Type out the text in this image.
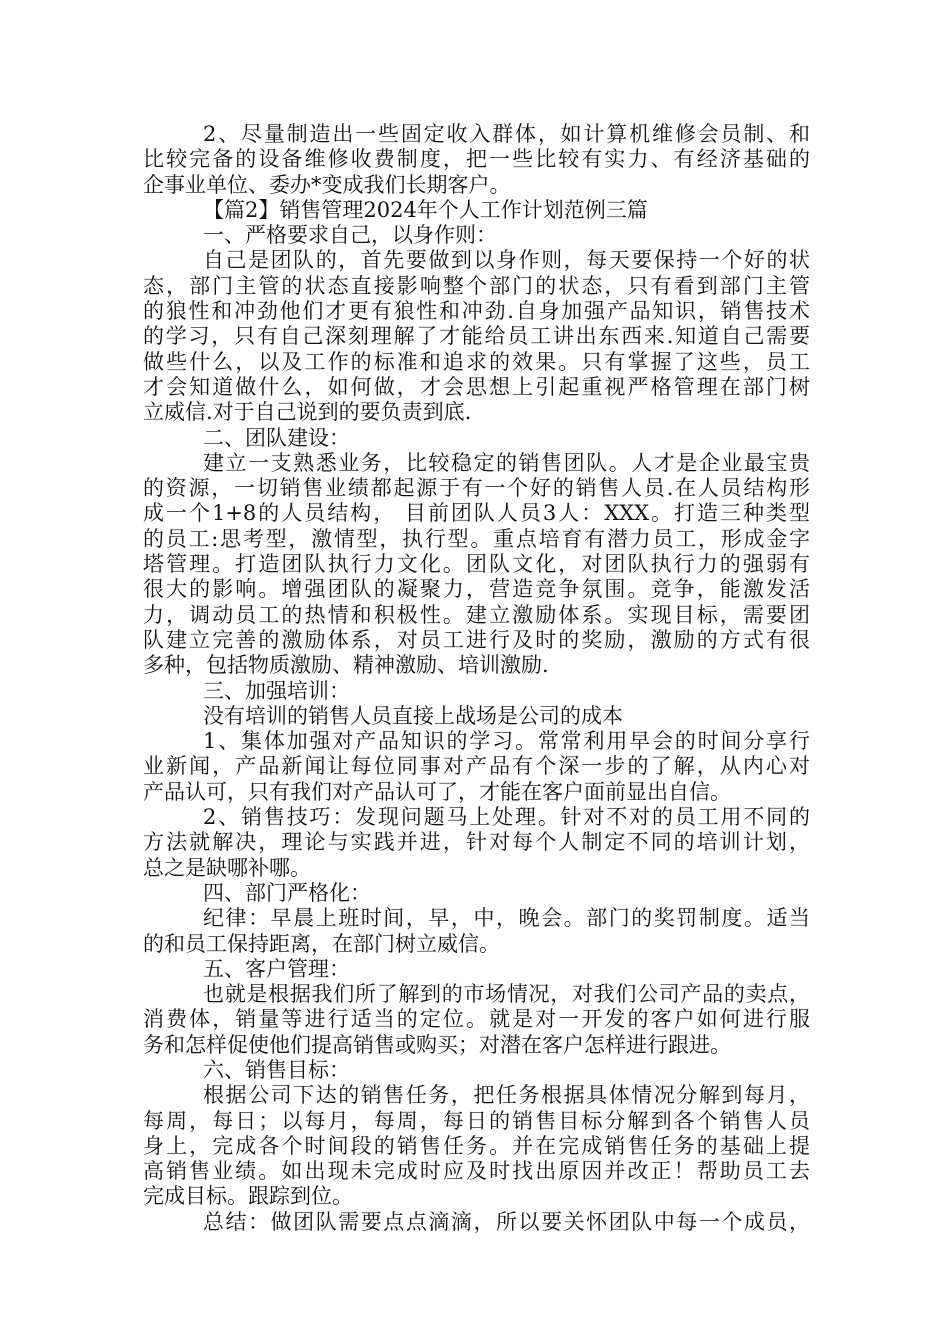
2、尽量制造出一些固定收入群体，如计算机维修会员制、和
比较完备的设备维修收费制度，把一些比较有实力、有经济基础的
企事业单位、委办*变成我们长期客户。
【篇2】销售管理2024年个人工作计划范例三篇
一、严格要求自己，以身作则：
自己是团队的，首先要做到以身作则，每天要保持一个好的状
态，部门主管的状态直接影响整个部门的状态，只有看到部门主管
的狼性和冲劲他们才更有狼性和冲劲.自身加强产品知识，销售技术
的学习，只有自己深刻理解了才能给员工讲出东西来.知道自己需要
做些什么，以及工作的标准和追求的效果。只有掌握了这些，员工
才会知道做什么，如何做，才会思想上引起重视严格管理在部门树
立威信.对于自己说到的要负责到底.
二、团队建设：
建立一支熟悉业务，比较稳定的销售团队。人才是企业最宝贵
的资源，一切销售业绩都起源于有一个好的销售人员.在人员结构形
成一个1+8的人员结构， 目前团队人员3人：XXX。打造三种类型
的员工:思考型，激情型，执行型。重点培育有潜力员工，形成金字
塔管理。打造团队执行力文化。团队文化，对团队执行力的强弱有
很大的影响。增强团队的凝聚力，营造竞争氛围。竞争，能激发活
力，调动员工的热情和积极性。建立激励体系。实现目标，需要团
队建立完善的激励体系，对员工进行及时的奖励，激励的方式有很
多种，包括物质激励、精神激励、培训激励.
三、加强培训：
没有培训的销售人员直接上战场是公司的成本
1、集体加强对产品知识的学习。常常利用早会的时间分享行
业新闻，产品新闻让每位同事对产品有个深一步的了解，从内心对
产品认可，只有我们对产品认可了，才能在客户面前显出自信。
2、销售技巧：发现问题马上处理。针对不对的员工用不同的
方法就解决，理论与实践并进，针对每个人制定不同的培训计划，
总之是缺哪补哪。
四、部门严格化：
纪律：早晨上班时间，早，中，晚会。部门的奖罚制度。适当
的和员工保持距离，在部门树立威信。
五、客户管理：
也就是根据我们所了解到的市场情况，对我们公司产品的卖点，
消费体，销量等进行适当的定位。就是对一开发的客户如何进行服
务和怎样促使他们提高销售或购买；对潜在客户怎样进行跟进。
六、销售目标：
根据公司下达的销售任务，把任务根据具体情况分解到每月，
每周，每日；以每月，每周，每日的销售目标分解到各个销售人员
身上，完成各个时间段的销售任务。并在完成销售任务的基础上提
高销售业绩。如出现未完成时应及时找出原因并改正！帮助员工去
完成目标。跟踪到位。
总结：做团队需要点点滴滴，所以要关怀团队中每一个成员，
